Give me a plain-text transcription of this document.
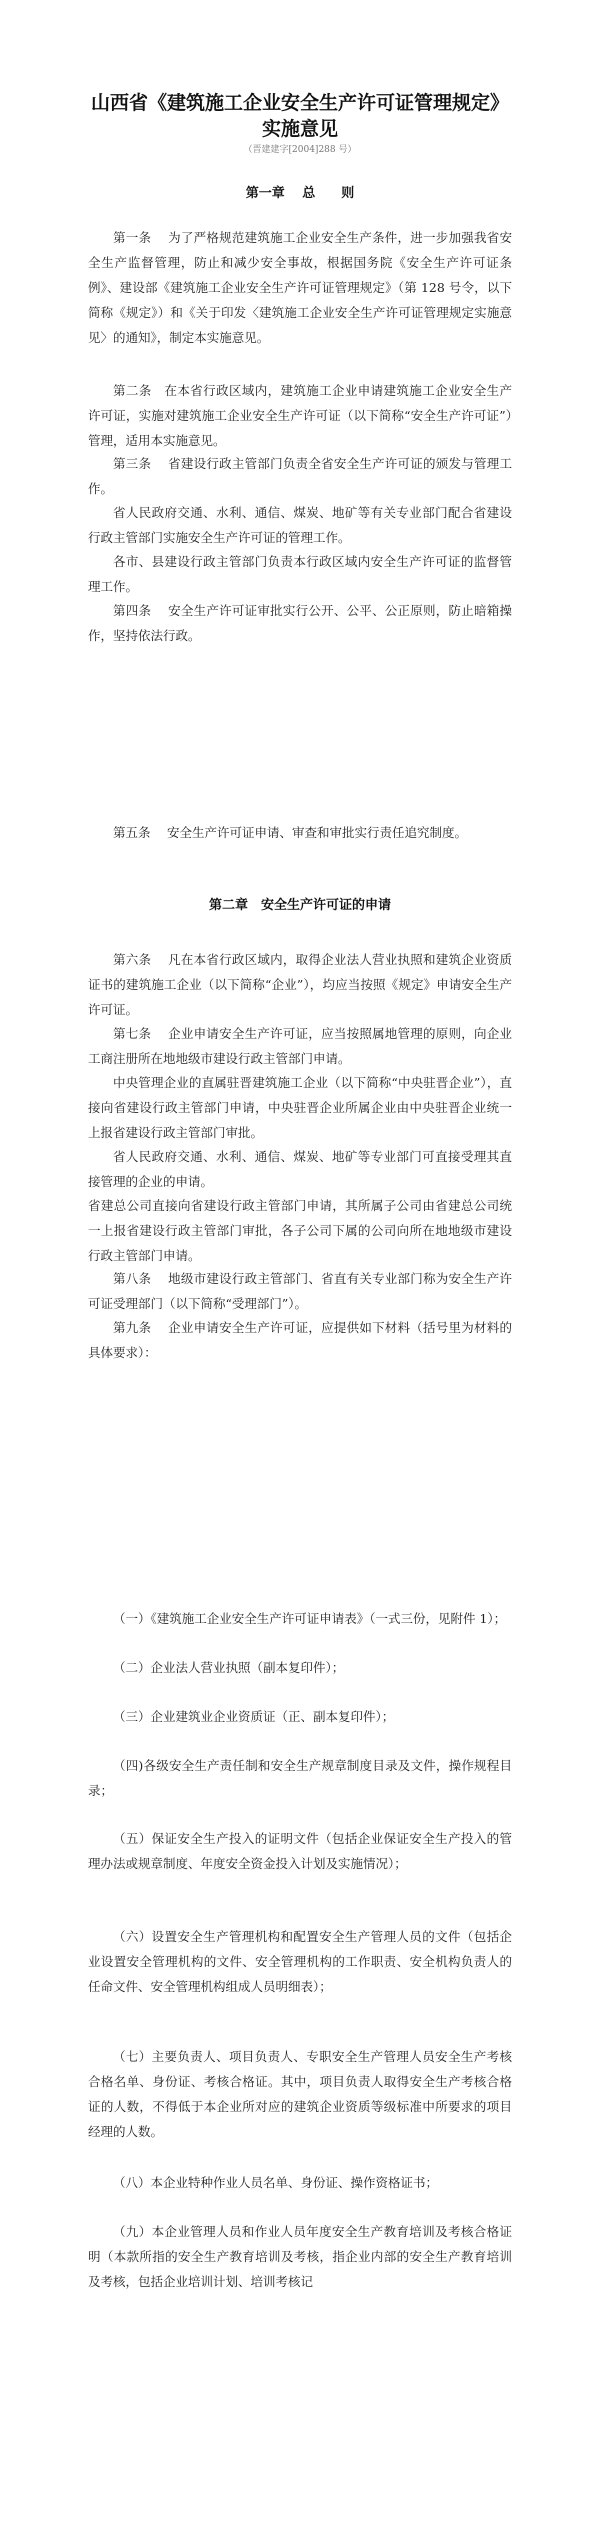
山西省《建筑施工企业安全生产许可证管理规定》
实施意见

（晋建建字[2004]288 号）

第一章　 总　　则

第一条　 为了严格规范建筑施工企业安全生产条件，进一步加强我省安全生产监督管理，防止和减少安全事故，根据国务院《安全生产许可证条例》、建设部《建筑施工企业安全生产许可证管理规定》（第 128 号令，以下简称《规定》）和《关于印发〈建筑施工企业安全生产许可证管理规定实施意见〉的通知》，制定本实施意见。

第二条　在本省行政区域内，建筑施工企业申请建筑施工企业安全生产许可证，实施对建筑施工企业安全生产许可证（以下简称“安全生产许可证”）管理，适用本实施意见。

第三条　 省建设行政主管部门负责全省安全生产许可证的颁发与管理工作。

省人民政府交通、水利、通信、煤炭、地矿等有关专业部门配合省建设行政主管部门实施安全生产许可证的管理工作。

各市、县建设行政主管部门负责本行政区域内安全生产许可证的监督管理工作。

第四条　 安全生产许可证审批实行公开、公平、公正原则，防止暗箱操作，坚持依法行政。

第五条　 安全生产许可证申请、审查和审批实行责任追究制度。

第二章　安全生产许可证的申请

第六条　 凡在本省行政区域内，取得企业法人营业执照和建筑企业资质证书的建筑施工企业（以下简称“企业”），均应当按照《规定》申请安全生产许可证。

第七条　 企业申请安全生产许可证，应当按照属地管理的原则，向企业工商注册所在地地级市建设行政主管部门申请。

中央管理企业的直属驻晋建筑施工企业（以下简称“中央驻晋企业”），直接向省建设行政主管部门申请，中央驻晋企业所属企业由中央驻晋企业统一上报省建设行政主管部门审批。

省人民政府交通、水利、通信、煤炭、地矿等专业部门可直接受理其直接管理的企业的申请。

省建总公司直接向省建设行政主管部门申请，其所属子公司由省建总公司统一上报省建设行政主管部门审批，各子公司下属的公司向所在地地级市建设行政主管部门申请。

第八条　 地级市建设行政主管部门、省直有关专业部门称为安全生产许可证受理部门（以下简称“受理部门”）。

第九条　 企业申请安全生产许可证，应提供如下材料（括号里为材料的具体要求）：

（一）《建筑施工企业安全生产许可证申请表》（一式三份，见附件 1）；

（二）企业法人营业执照（副本复印件）；

（三）企业建筑业企业资质证（正、副本复印件）；

（四)各级安全生产责任制和安全生产规章制度目录及文件，操作规程目录；

（五）保证安全生产投入的证明文件（包括企业保证安全生产投入的管理办法或规章制度、年度安全资金投入计划及实施情况）；

（六）设置安全生产管理机构和配置安全生产管理人员的文件（包括企业设置安全管理机构的文件、安全管理机构的工作职责、安全机构负责人的任命文件、安全管理机构组成人员明细表）；

（七）主要负责人、项目负责人、专职安全生产管理人员安全生产考核合格名单、身份证、考核合格证。其中，项目负责人取得安全生产考核合格证的人数，不得低于本企业所对应的建筑企业资质等级标准中所要求的项目经理的人数。

（八）本企业特种作业人员名单、身份证、操作资格证书；

（九）本企业管理人员和作业人员年度安全生产教育培训及考核合格证明（本款所指的安全生产教育培训及考核，指企业内部的安全生产教育培训及考核，包括企业培训计划、培训考核记
